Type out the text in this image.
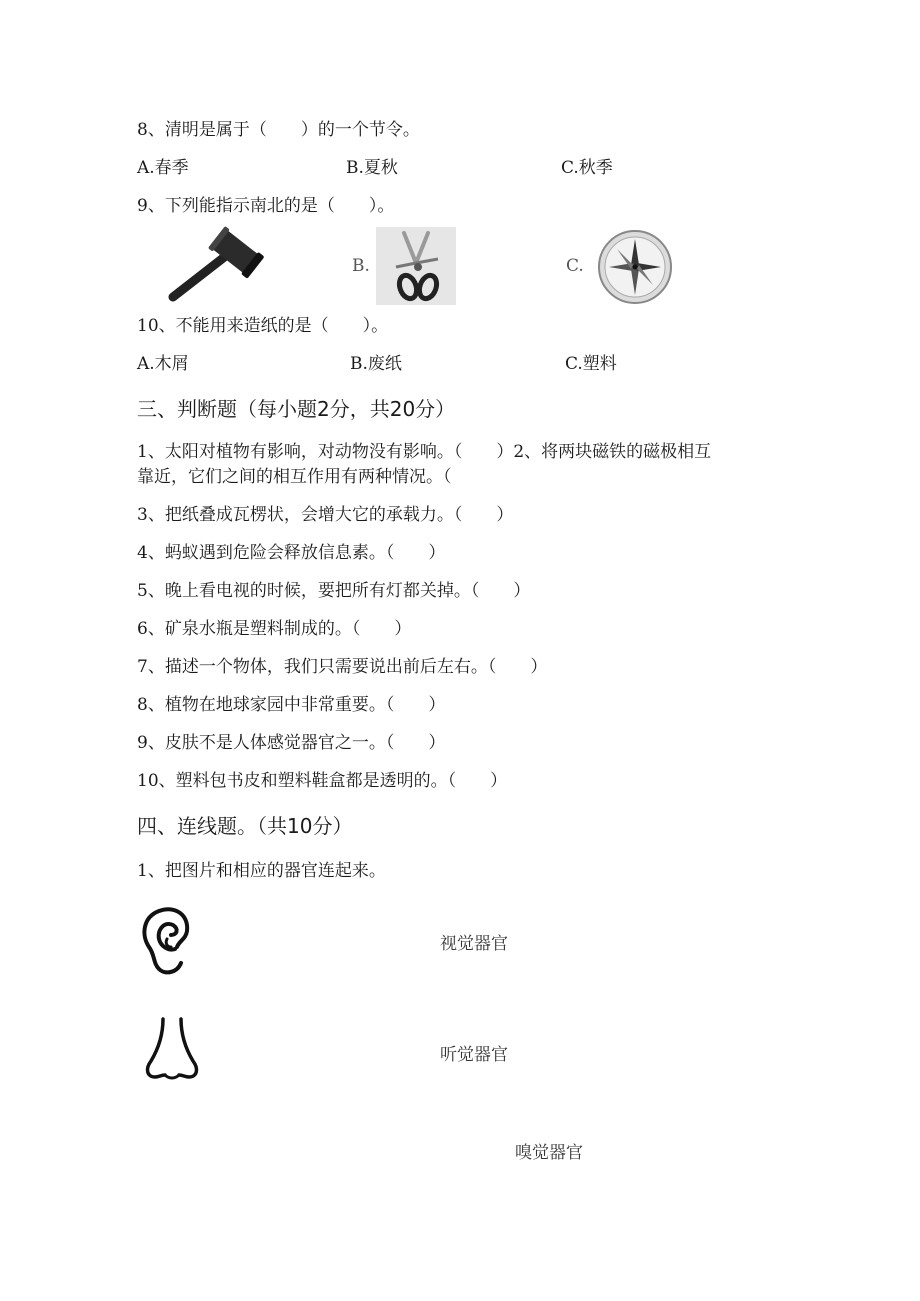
8、清明是属于（　　）的一个节令。
A.春季	B.夏秋	C.秋季
9、下列能指示南北的是（　　）。
B.	C.
10、不能用来造纸的是（　　）。
A.木屑	B.废纸	C.塑料
三、判断题（每小题2分，共20分）
1、太阳对植物有影响，对动物没有影响。（　　）2、将两块磁铁的磁极相互
靠近，它们之间的相互作用有两种情况。（
3、把纸叠成瓦楞状，会增大它的承载力。（　　）
4、蚂蚁遇到危险会释放信息素。（　　）
5、晚上看电视的时候，要把所有灯都关掉。（　　）
6、矿泉水瓶是塑料制成的。（　　）
7、描述一个物体，我们只需要说出前后左右。（　　）
8、植物在地球家园中非常重要。（　　）
9、皮肤不是人体感觉器官之一。（　　）
10、塑料包书皮和塑料鞋盒都是透明的。（　　）
四、连线题。（共10分）
1、把图片和相应的器官连起来。
视觉器官
听觉器官
嗅觉器官
